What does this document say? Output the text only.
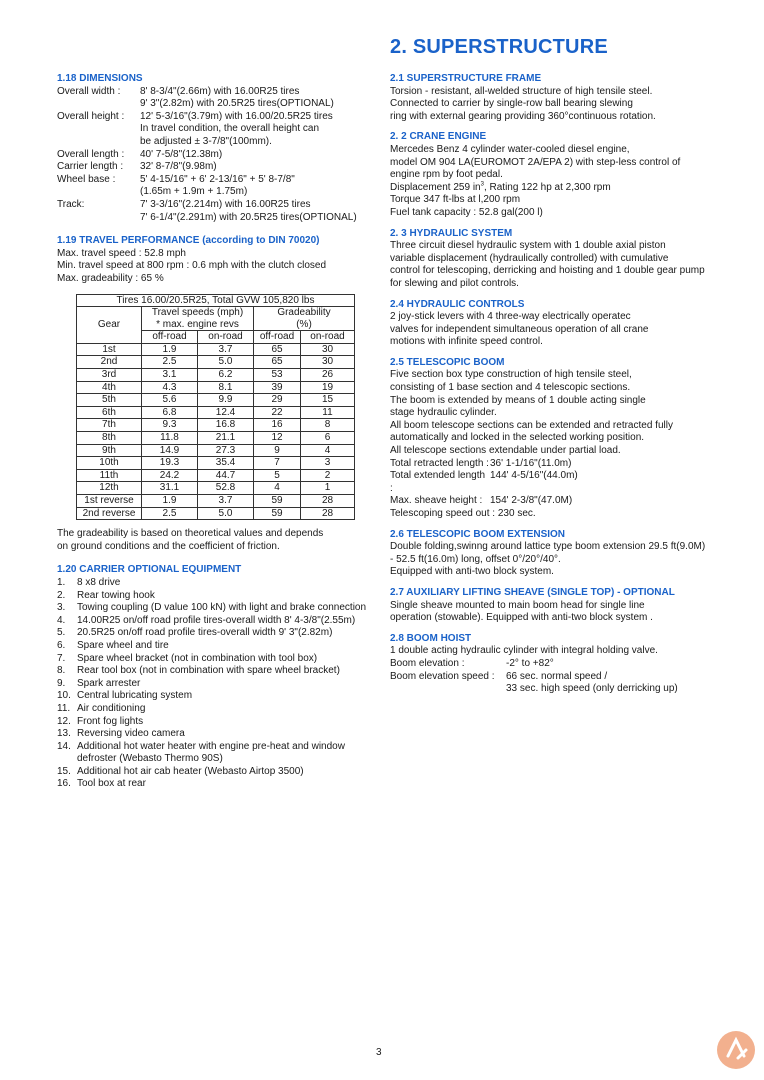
2. SUPERSTRUCTURE

1.18 DIMENSIONS

Overall width :	8' 8-3/4"(2.66m) with 16.00R25 tires
9' 3"(2.82m) with 20.5R25 tires(OPTIONAL)
Overall height :	12' 5-3/16"(3.79m) with 16.00/20.5R25 tires
In travel condition, the overall height can
be adjusted ± 3-7/8"(100mm).
Overall length :	40' 7-5/8"(12.38m)
Carrier length :	32' 8-7/8"(9.98m)
Wheel base :	5' 4-15/16" + 6' 2-13/16" + 5' 8-7/8"
(1.65m + 1.9m + 1.75m)
Track:	7' 3-3/16"(2.214m) with 16.00R25 tires
7' 6-1/4"(2.291m) with 20.5R25 tires(OPTIONAL)

1.19 TRAVEL PERFORMANCE (according to DIN 70020)

Max. travel speed : 52.8 mph

Min. travel speed at 800 rpm : 0.6 mph with the clutch closed

Max. gradeability : 65 %

Tires 16.00/20.5R25, Total GVW 105,820 lbs				
Gear	Travel speeds (mph)		Gradeability	
	* max. engine revs		(%)	
	off-road	on-road	off-road	on-road
1st	1.9	3.7	65	30
2nd	2.5	5.0	65	30
3rd	3.1	6.2	53	26
4th	4.3	8.1	39	19
5th	5.6	9.9	29	15
6th	6.8	12.4	22	11
7th	9.3	16.8	16	8
8th	11.8	21.1	12	6
9th	14.9	27.3	9	4
10th	19.3	35.4	7	3
11th	24.2	44.7	5	2
12th	31.1	52.8	4	1
1st reverse	1.9	3.7	59	28
2nd reverse	2.5	5.0	59	28

The gradeability is based on theoretical values and depends

on ground conditions and the coefficient of friction.

1.20 CARRIER OPTIONAL EQUIPMENT

1.	8 x8 drive
2.	Rear towing hook
3.	Towing coupling (D value 100 kN) with light and brake connection
4.	14.00R25 on/off road profile tires-overall width 8' 4-3/8"(2.55m)
5.	20.5R25 on/off road profile tires-overall width 9' 3"(2.82m)
6.	Spare wheel and tire
7.	Spare wheel bracket (not in combination with tool box)
8.	Rear tool box (not in combination with spare wheel bracket)
9.	Spark arrester
10. Central lubricating system
11. Air conditioning
12. Front fog lights
13. Reversing video camera
14. Additional hot water heater with engine pre-heat and window defroster (Webasto Thermo 90S)
15. Additional hot air cab heater (Webasto Airtop 3500)
16. Tool box at rear

2.1 SUPERSTRUCTURE FRAME

Torsion - resistant, all-welded structure of high tensile steel.

Connected to carrier by single-row ball bearing slewing

ring with external gearing providing 360°continuous rotation.

2. 2 CRANE ENGINE

Mercedes Benz 4 cylinder water-cooled diesel engine,

model OM 904 LA(EUROMOT 2A/EPA 2) with step-less control of

engine rpm by foot pedal.

Displacement 259 $in^3$, Rating 122 hp at 2,300 rpm

Torque 347 ft-lbs at l,200 rpm

Fuel tank capacity : 52.8 gal(200 l)

2. 3 HYDRAULIC SYSTEM

Three circuit diesel hydraulic system with 1 double axial piston

variable displacement (hydraulically controlled) with cumulative

control for telescoping, derricking and hoisting and 1 double gear pump

for slewing and pilot controls.

2.4 HYDRAULIC CONTROLS

2 joy-stick levers with 4 three-way electrically operatec

valves for independent simultaneous operation of all crane

motions with infinite speed control.

2.5 TELESCOPIC BOOM

Five section box type construction of high tensile steel,

consisting of 1 base section and 4 telescopic sections.

The boom is extended by means of 1 double acting single

stage hydraulic cylinder.

All boom telescope sections can be extended and retracted fully

automatically and locked in the selected working position.

All telescope sections extendable under partial load.

Total retracted length : 36' 1-1/16"(11.0m)
Total extended length :
144' 4-5/16"(44.0m)
Max. sheave height : 154' 2-3/8"(47.0M)

Telescoping speed out : 230 sec.

2.6 TELESCOPIC BOOM EXTENSION

Double folding,swinng around lattice type boom extension 29.5 ft(9.0M)

- 52.5 ft(16.0m) long, offset 0°/20°/40°.

Equipped with anti-two block system.

2.7 AUXILIARY LIFTING SHEAVE (SINGLE TOP) - OPTIONAL

Single sheave mounted to main boom head for single line

operation (stowable). Equipped with anti-two block system .

2.8 BOOM HOIST

1 double acting hydraulic cylinder with integral holding valve.

Boom elevation :	-2° to +82°
Boom elevation speed :	66 sec. normal speed /
33 sec. high speed (only derricking up)
3
